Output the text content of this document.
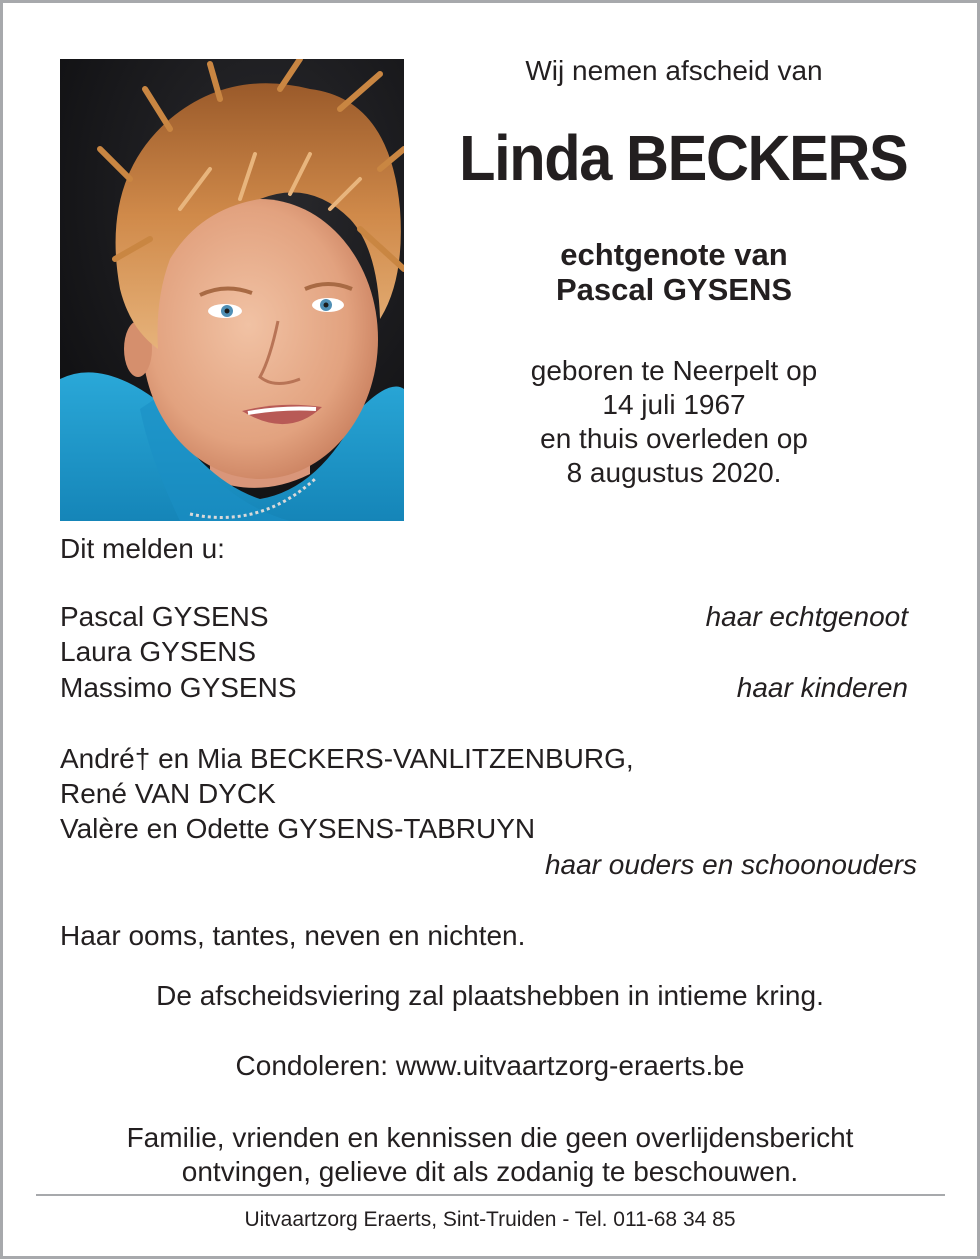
Wij nemen afscheid van
Linda BECKERS
echtgenote van
Pascal GYSENS
geboren te Neerpelt op
14 juli 1967
en thuis overleden op
8 augustus 2020.
Dit melden u:
Pascal GYSENS	haar echtgenoot
Laura GYSENS
Massimo GYSENS	haar kinderen
André† en Mia BECKERS-VANLITZENBURG,
René VAN DYCK
Valère en Odette GYSENS-TABRUYN
haar ouders en schoonouders
Haar ooms, tantes, neven en nichten.
De afscheidsviering zal plaatshebben in intieme kring.
Condoleren: www.uitvaartzorg-eraerts.be
Familie, vrienden en kennissen die geen overlijdensbericht
ontvingen, gelieve dit als zodanig te beschouwen.
Uitvaartzorg Eraerts, Sint-Truiden - Tel. 011-68 34 85
